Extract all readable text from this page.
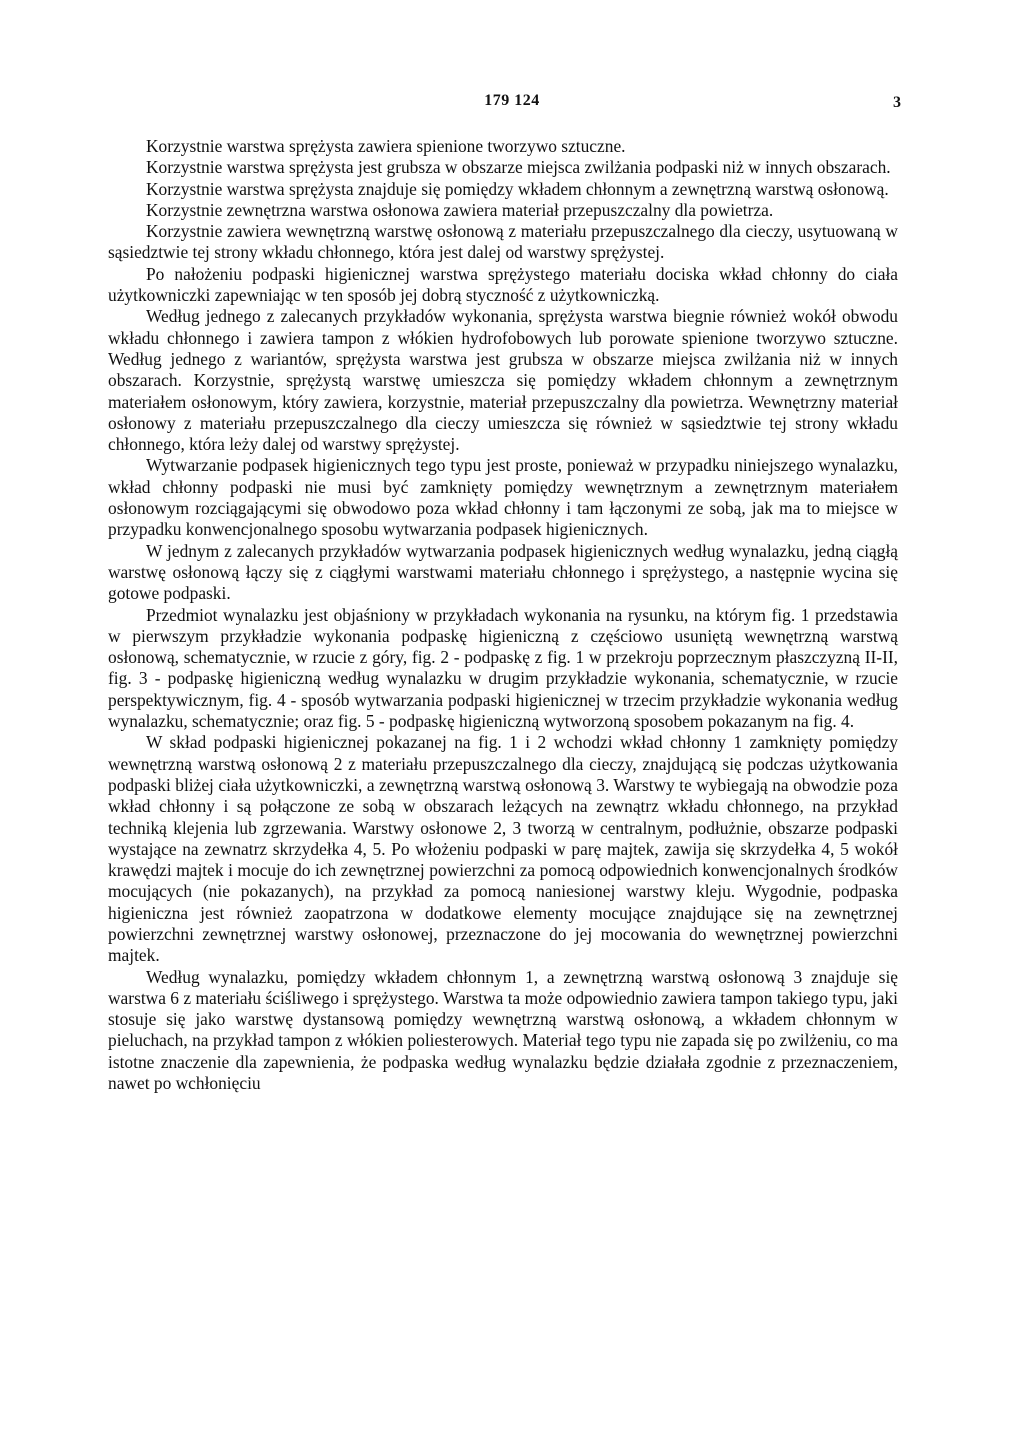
179 124	3

Korzystnie warstwa sprężysta zawiera spienione tworzywo sztuczne.

Korzystnie warstwa sprężysta jest grubsza w obszarze miejsca zwilżania podpaski niż w innych obszarach.

Korzystnie warstwa sprężysta znajduje się pomiędzy wkładem chłonnym a zewnętrzną warstwą osłonową.

Korzystnie zewnętrzna warstwa osłonowa zawiera materiał przepuszczalny dla powietrza.

Korzystnie zawiera wewnętrzną warstwę osłonową z materiału przepuszczalnego dla cieczy, usytuowaną w sąsiedztwie tej strony wkładu chłonnego, która jest dalej od warstwy sprężystej.

Po nałożeniu podpaski higienicznej warstwa sprężystego materiału dociska wkład chłonny do ciała użytkowniczki zapewniając w ten sposób jej dobrą styczność z użytkowniczką.

Według jednego z zalecanych przykładów wykonania, sprężysta warstwa biegnie również wokół obwodu wkładu chłonnego i zawiera tampon z włókien hydrofobowych lub porowate spienione tworzywo sztuczne. Według jednego z wariantów, sprężysta warstwa jest grubsza w obszarze miejsca zwilżania niż w innych obszarach. Korzystnie, sprężystą warstwę umieszcza się pomiędzy wkładem chłonnym a zewnętrznym materiałem osłonowym, który zawiera, korzystnie, materiał przepuszczalny dla powietrza. Wewnętrzny materiał osłonowy z materiału przepuszczalnego dla cieczy umieszcza się również w sąsiedztwie tej strony wkładu chłonnego, która leży dalej od warstwy sprężystej.

Wytwarzanie podpasek higienicznych tego typu jest proste, ponieważ w przypadku niniejszego wynalazku, wkład chłonny podpaski nie musi być zamknięty pomiędzy wewnętrznym a zewnętrznym materiałem osłonowym rozciągającymi się obwodowo poza wkład chłonny i tam łączonymi ze sobą, jak ma to miejsce w przypadku konwencjonalnego sposobu wytwarzania podpasek higienicznych.

W jednym z zalecanych przykładów wytwarzania podpasek higienicznych według wynalazku, jedną ciągłą warstwę osłonową łączy się z ciągłymi warstwami materiału chłonnego i sprężystego, a następnie wycina się gotowe podpaski.

Przedmiot wynalazku jest objaśniony w przykładach wykonania na rysunku, na którym fig. 1 przedstawia w pierwszym przykładzie wykonania podpaskę higieniczną z częściowo usuniętą wewnętrzną warstwą osłonową, schematycznie, w rzucie z góry, fig. 2 - podpaskę z fig. 1 w przekroju poprzecznym płaszczyzną II-II, fig. 3 - podpaskę higieniczną według wynalazku w drugim przykładzie wykonania, schematycznie, w rzucie perspektywicznym, fig. 4 - sposób wytwarzania podpaski higienicznej w trzecim przykładzie wykonania według wynalazku, schematycznie; oraz fig. 5 - podpaskę higieniczną wytworzoną sposobem pokazanym na fig. 4.

W skład podpaski higienicznej pokazanej na fig. 1 i 2 wchodzi wkład chłonny 1 zamknięty pomiędzy wewnętrzną warstwą osłonową 2 z materiału przepuszczalnego dla cieczy, znajdującą się podczas użytkowania podpaski bliżej ciała użytkowniczki, a zewnętrzną warstwą osłonową 3. Warstwy te wybiegają na obwodzie poza wkład chłonny i są połączone ze sobą w obszarach leżących na zewnątrz wkładu chłonnego, na przykład techniką klejenia lub zgrzewania. Warstwy osłonowe 2, 3 tworzą w centralnym, podłużnie, obszarze podpaski wystające na zewnatrz skrzydełka 4, 5. Po włożeniu podpaski w parę majtek, zawija się skrzydełka 4, 5 wokół krawędzi majtek i mocuje do ich zewnętrznej powierzchni za pomocą odpowiednich konwencjonalnych środków mocujących (nie pokazanych), na przykład za pomocą naniesionej warstwy kleju. Wygodnie, podpaska higieniczna jest również zaopatrzona w dodatkowe elementy mocujące znajdujące się na zewnętrznej powierzchni zewnętrznej warstwy osłonowej, przeznaczone do jej mocowania do wewnętrznej powierzchni majtek.

Według wynalazku, pomiędzy wkładem chłonnym 1, a zewnętrzną warstwą osłonową 3 znajduje się warstwa 6 z materiału ściśliwego i sprężystego. Warstwa ta może odpowiednio zawiera tampon takiego typu, jaki stosuje się jako warstwę dystansową pomiędzy wewnętrzną warstwą osłonową, a wkładem chłonnym w pieluchach, na przykład tampon z włókien poliesterowych. Materiał tego typu nie zapada się po zwilżeniu, co ma istotne znaczenie dla zapewnienia, że podpaska według wynalazku będzie działała zgodnie z przeznaczeniem, nawet po wchłonięciu
